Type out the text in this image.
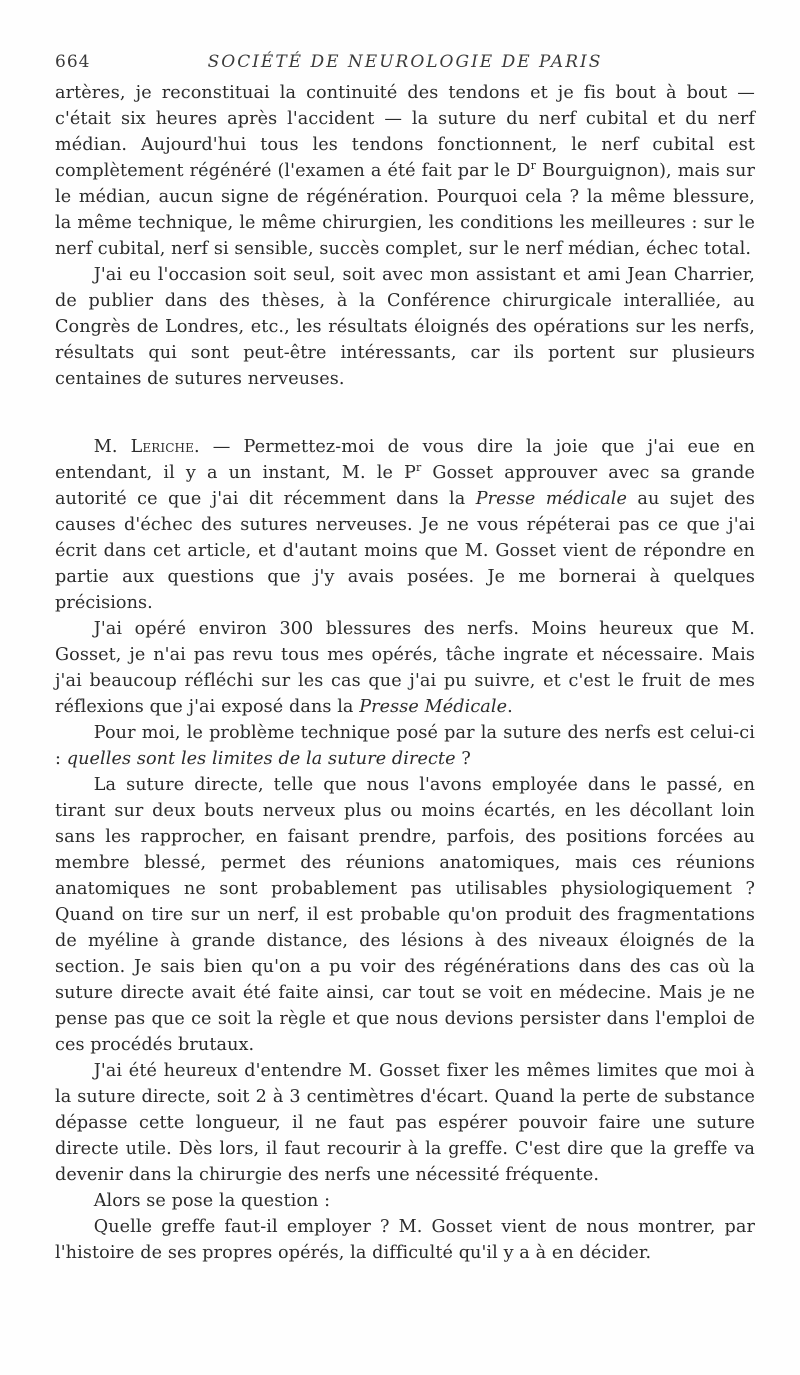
664	SOCIÉTÉ DE NEUROLOGIE DE PARIS

artères, je reconstituai la continuité des tendons et je fis bout à bout — c'était six heures après l'accident — la suture du nerf cubital et du nerf médian. Aujourd'hui tous les tendons fonctionnent, le nerf cubital est complètement régénéré (l'examen a été fait par le $D^r$ Bourguignon), mais sur le médian, aucun signe de régénération. Pourquoi cela ? la même blessure, la même technique, le même chirurgien, les conditions les meilleures : sur le nerf cubital, nerf si sensible, succès complet, sur le nerf médian, échec total.

J'ai eu l'occasion soit seul, soit avec mon assistant et ami Jean Charrier, de publier dans des thèses, à la Conférence chirurgicale interalliée, au Congrès de Londres, etc., les résultats éloignés des opérations sur les nerfs, résultats qui sont peut-être intéressants, car ils portent sur plusieurs centaines de sutures nerveuses.

M. Leriche. — Permettez-moi de vous dire la joie que j'ai eue en entendant, il y a un instant, M. le $P^r$ Gosset approuver avec sa grande autorité ce que j'ai dit récemment dans la Presse médicale au sujet des causes d'échec des sutures nerveuses. Je ne vous répéterai pas ce que j'ai écrit dans cet article, et d'autant moins que M. Gosset vient de répondre en partie aux questions que j'y avais posées. Je me bornerai à quelques précisions.

J'ai opéré environ 300 blessures des nerfs. Moins heureux que M. Gosset, je n'ai pas revu tous mes opérés, tâche ingrate et nécessaire. Mais j'ai beaucoup réfléchi sur les cas que j'ai pu suivre, et c'est le fruit de mes réflexions que j'ai exposé dans la Presse Médicale.

Pour moi, le problème technique posé par la suture des nerfs est celui-ci : quelles sont les limites de la suture directe ?

La suture directe, telle que nous l'avons employée dans le passé, en tirant sur deux bouts nerveux plus ou moins écartés, en les décollant loin sans les rapprocher, en faisant prendre, parfois, des positions forcées au membre blessé, permet des réunions anatomiques, mais ces réunions anatomiques ne sont probablement pas utilisables physiologiquement ? Quand on tire sur un nerf, il est probable qu'on produit des fragmentations de myéline à grande distance, des lésions à des niveaux éloignés de la section. Je sais bien qu'on a pu voir des régénérations dans des cas où la suture directe avait été faite ainsi, car tout se voit en médecine. Mais je ne pense pas que ce soit la règle et que nous devions persister dans l'emploi de ces procédés brutaux.

J'ai été heureux d'entendre M. Gosset fixer les mêmes limites que moi à la suture directe, soit 2 à 3 centimètres d'écart. Quand la perte de substance dépasse cette longueur, il ne faut pas espérer pouvoir faire une suture directe utile. Dès lors, il faut recourir à la greffe. C'est dire que la greffe va devenir dans la chirurgie des nerfs une nécessité fréquente.

Alors se pose la question :

Quelle greffe faut-il employer ? M. Gosset vient de nous montrer, par l'histoire de ses propres opérés, la difficulté qu'il y a à en décider.
